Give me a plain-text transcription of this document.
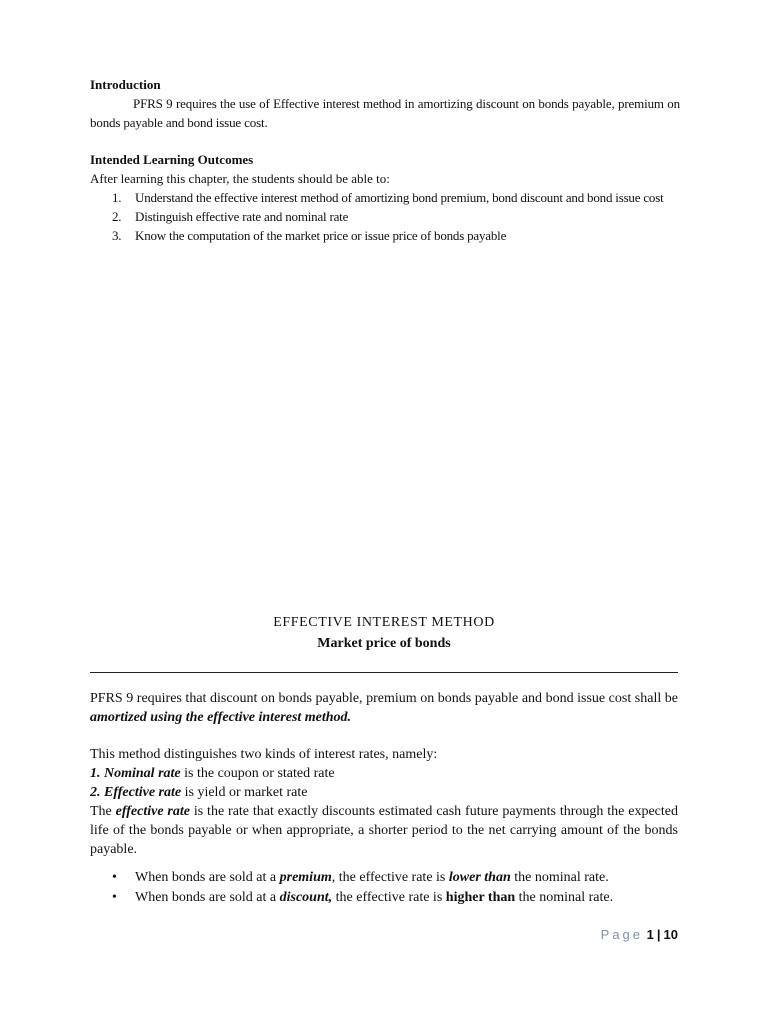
Introduction

PFRS 9 requires the use of Effective interest method in amortizing discount on bonds payable, premium on bonds payable and bond issue cost.

Intended Learning Outcomes

After learning this chapter, the students should be able to:

1. Understand the effective interest method of amortizing bond premium, bond discount and bond issue cost
2. Distinguish effective rate and nominal rate
3. Know the computation of the market price or issue price of bonds payable

EFFECTIVE INTEREST METHOD

Market price of bonds

PFRS 9 requires that discount on bonds payable, premium on bonds payable and bond issue cost shall be amortized using the effective interest method.

This method distinguishes two kinds of interest rates, namely:

1. Nominal rate is the coupon or stated rate

2. Effective rate is yield or market rate

The effective rate is the rate that exactly discounts estimated cash future payments through the expected life of the bonds payable or when appropriate, a shorter period to the net carrying amount of the bonds payable.

• When bonds are sold at a premium, the effective rate is lower than the nominal rate.
• When bonds are sold at a discount, the effective rate is higher than the nominal rate.
Page 1 | 10
